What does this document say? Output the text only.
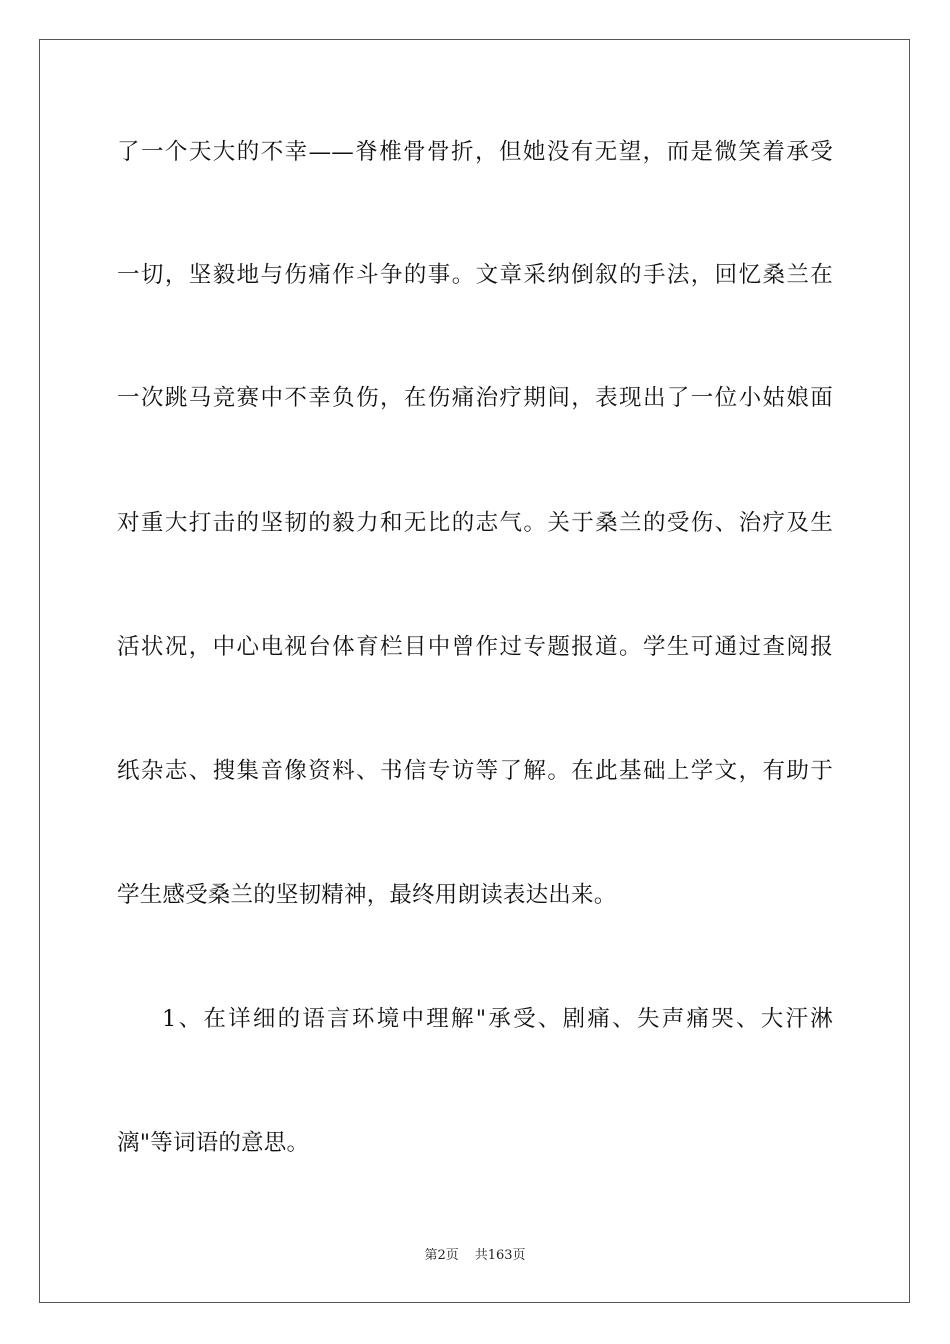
了一个天大的不幸——脊椎骨骨折，但她没有无望，而是微笑着承受
一切，坚毅地与伤痛作斗争的事。文章采纳倒叙的手法，回忆桑兰在
一次跳马竞赛中不幸负伤，在伤痛治疗期间，表现出了一位小姑娘面
对重大打击的坚韧的毅力和无比的志气。关于桑兰的受伤、治疗及生
活状况，中心电视台体育栏目中曾作过专题报道。学生可通过查阅报
纸杂志、搜集音像资料、书信专访等了解。在此基础上学文，有助于
学生感受桑兰的坚韧精神，最终用朗读表达出来。
1、在详细的语言环境中理解"承受、剧痛、失声痛哭、大汗淋
漓"等词语的意思。
第2页 共163页
